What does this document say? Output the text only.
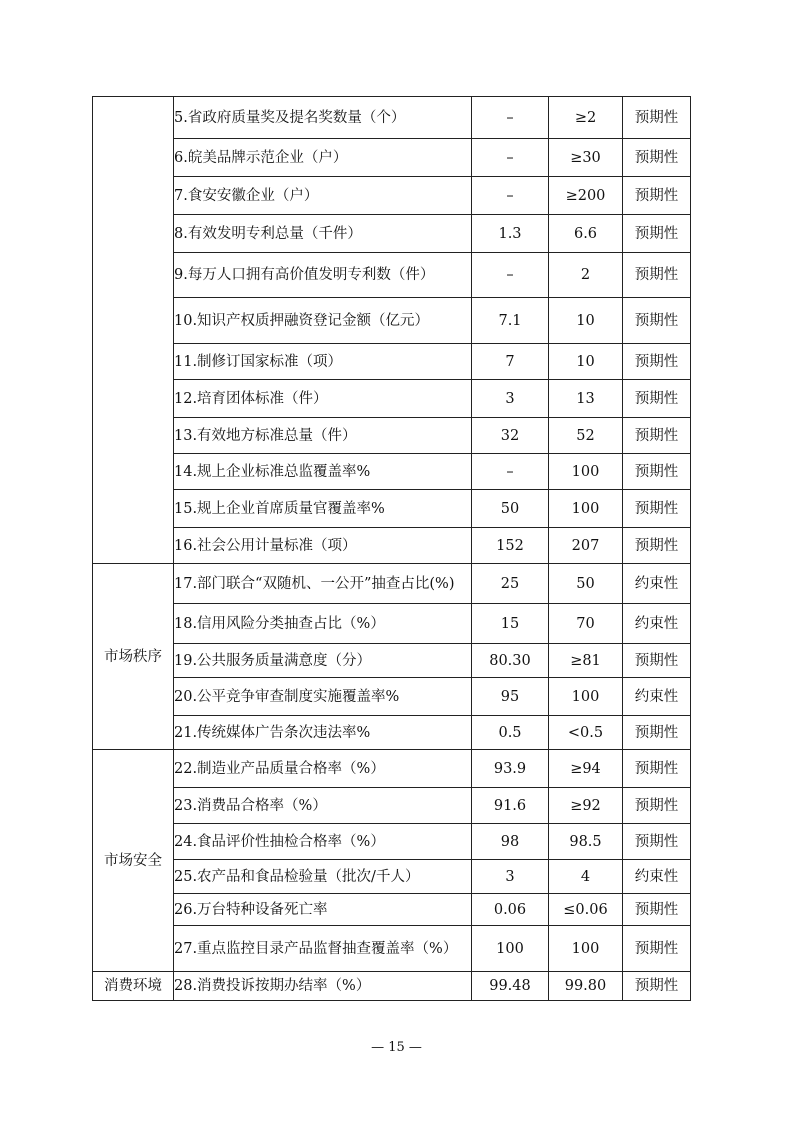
	5.省政府质量奖及提名奖数量（个）	–	≥2	预期性
	6.皖美品牌示范企业（户）	–	≥30	预期性
	7.食安安徽企业（户）	–	≥200	预期性
	8.有效发明专利总量（千件）	1.3	6.6	预期性
	9.每万人口拥有高价值发明专利数（件）	–	2	预期性
	10.知识产权质押融资登记金额（亿元）	7.1	10	预期性
	11.制修订国家标准（项）	7	10	预期性
	12.培育团体标准（件）	3	13	预期性
	13.有效地方标准总量（件）	32	52	预期性
	14.规上企业标准总监覆盖率%	–	100	预期性
	15.规上企业首席质量官覆盖率%	50	100	预期性
	16.社会公用计量标准（项）	152	207	预期性
市场秩序	17.部门联合“双随机、一公开”抽查占比(%)	25	50	约束性
	18.信用风险分类抽查占比（%）	15	70	约束性
	19.公共服务质量满意度（分）	80.30	≥81	预期性
	20.公平竞争审查制度实施覆盖率%	95	100	约束性
	21.传统媒体广告条次违法率%	0.5	<0.5	预期性
市场安全	22.制造业产品质量合格率（%）	93.9	≥94	预期性
	23.消费品合格率（%）	91.6	≥92	预期性
	24.食品评价性抽检合格率（%）	98	98.5	预期性
	25.农产品和食品检验量（批次/千人）	3	4	约束性
	26.万台特种设备死亡率	0.06	≤0.06	预期性
	27.重点监控目录产品监督抽查覆盖率（%）	100	100	预期性
消费环境	28.消费投诉按期办结率（%）	99.48	99.80	预期性
— 15 —
